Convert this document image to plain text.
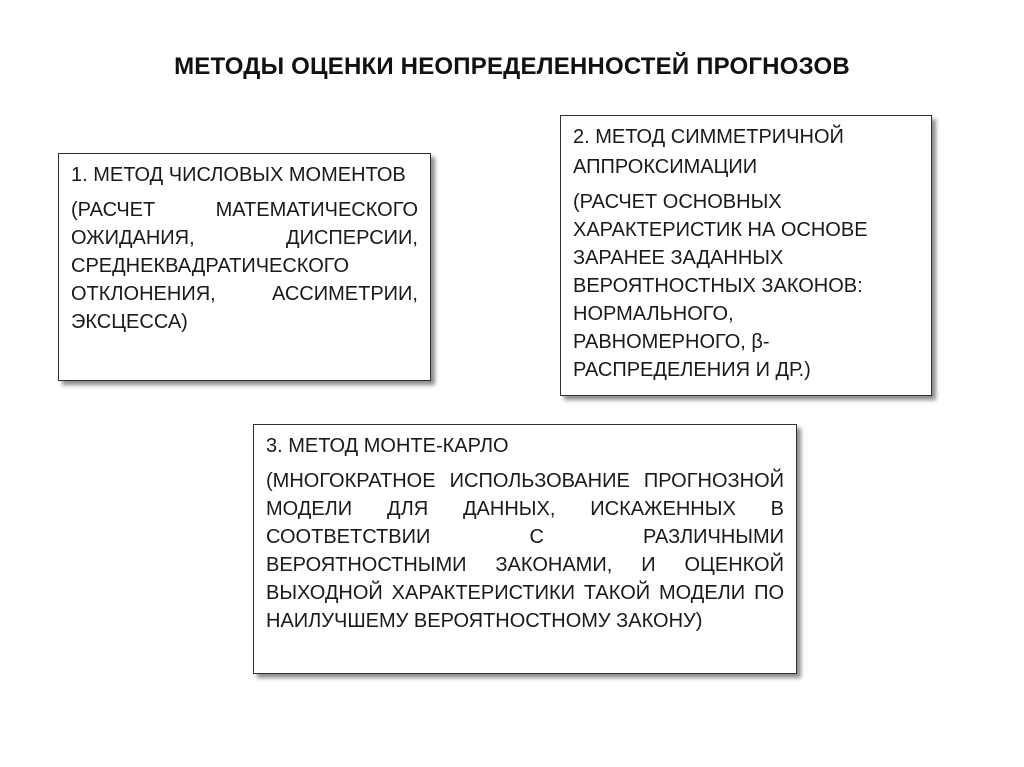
МЕТОДЫ ОЦЕНКИ НЕОПРЕДЕЛЕННОСТЕЙ ПРОГНОЗОВ
1. МЕТОД ЧИСЛОВЫХ МОМЕНТОВ
(РАСЧЕТ МАТЕМАТИЧЕСКОГО ОЖИДАНИЯ, ДИСПЕРСИИ, СРЕДНЕКВАДРАТИЧЕСКОГО ОТКЛОНЕНИЯ, АССИМЕТРИИ, ЭКСЦЕССА)
2. МЕТОД СИММЕТРИЧНОЙ АППРОКСИМАЦИИ
(РАСЧЕТ ОСНОВНЫХ
ХАРАКТЕРИСТИК НА ОСНОВЕ
ЗАРАНЕЕ ЗАДАННЫХ
ВЕРОЯТНОСТНЫХ ЗАКОНОВ:
НОРМАЛЬНОГО,
РАВНОМЕРНОГО, β-
РАСПРЕДЕЛЕНИЯ И ДР.)
3. МЕТОД МОНТЕ-КАРЛО
(МНОГОКРАТНОЕ ИСПОЛЬЗОВАНИЕ ПРОГНОЗНОЙ МОДЕЛИ ДЛЯ ДАННЫХ, ИСКАЖЕННЫХ В СООТВЕТСТВИИ С РАЗЛИЧНЫМИ ВЕРОЯТНОСТНЫМИ ЗАКОНАМИ, И ОЦЕНКОЙ ВЫХОДНОЙ ХАРАКТЕРИСТИКИ ТАКОЙ МОДЕЛИ ПО НАИЛУЧШЕМУ ВЕРОЯТНОСТНОМУ ЗАКОНУ)
